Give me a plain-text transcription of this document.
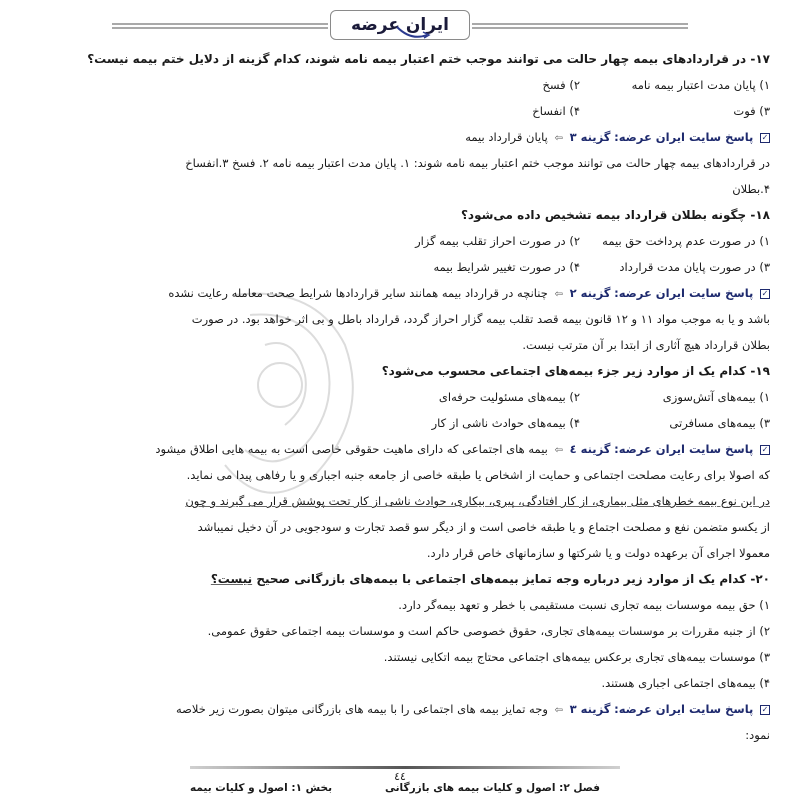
ایران عرضه
۱۷- در قراردادهای بیمه چهار حالت می توانند موجب ختم اعتبار بیمه نامه شوند، کدام گزینه از دلایل ختم بیمه نیست؟
۱) پایان مدت اعتبار بیمه نامه
۲) فسخ
۳) فوت
۴) انفساخ
✓ پاسخ سایت ایران عرضه: گزینه ۳ ⇦ پایان قرارداد بیمه
در قراردادهای بیمه چهار حالت می توانند موجب ختم اعتبار بیمه نامه شوند: ۱. پایان مدت اعتبار بیمه نامه ۲. فسخ ۳.انفساخ
۴.بطلان
۱۸- چگونه بطلان قرارداد بیمه تشخیص داده می‌شود؟
۱) در صورت عدم پرداخت حق بیمه
۲) در صورت احراز تقلب بیمه گزار
۳) در صورت پایان مدت قرارداد
۴) در صورت تغییر شرایط بیمه
✓ پاسخ سایت ایران عرضه: گزینه ۲ ⇦ چنانچه در قرارداد بیمه همانند سایر قراردادها شرایط صحت معامله رعایت نشده
باشد و یا به موجب مواد ۱۱ و ۱۲ قانون بیمه قصد تقلب بیمه گزار احراز گردد، قرارداد باطل و بی اثر خواهد بود. در صورت
بطلان قرارداد هیچ آثاری از ابتدا بر آن مترتب نیست.
۱۹- کدام یک از موارد زیر جزء بیمه‌های اجتماعی محسوب می‌شود؟
۱) بیمه‌های آتش‌سوزی
۲) بیمه‌های مسئولیت حرفه‌ای
۳) بیمه‌های مسافرتی
۴) بیمه‌های حوادث ناشی از کار
✓ پاسخ سایت ایران عرضه: گزینه ٤ ⇦ بیمه های اجتماعی که دارای ماهیت حقوقی خاصی است به بیمه هایی اطلاق میشود
که اصولا برای رعایت مصلحت اجتماعی و حمایت از اشخاص یا طبقه خاصی از جامعه جنبه اجباری و یا رفاهی پیدا می نماید.
در این نوع بیمه خطرهای مثل بیماری، از کار افتادگی، پیری، بیکاری، حوادث ناشی از کار تحت پوشش قرار می گیرند و چون
از یکسو متضمن نفع و مصلحت اجتماع و یا طبقه خاصی است و از دیگر سو قصد تجارت و سودجویی در آن دخیل نمیباشد
معمولا اجرای آن برعهده دولت و یا شرکتها و سازمانهای خاص قرار دارد.
۲۰- کدام یک از موارد زیر درباره وجه تمایز بیمه‌های اجتماعی با بیمه‌های بازرگانی صحیح نیست؟
۱) حق بیمه موسسات بیمه تجاری نسبت مستقیمی با خطر و تعهد بیمه‌گر دارد.
۲) از جنبه مقررات بر موسسات بیمه‌های تجاری، حقوق خصوصی حاکم است و موسسات بیمه اجتماعی حقوق عمومی.
۳) موسسات بیمه‌های تجاری برعکس بیمه‌های اجتماعی محتاج بیمه اتکایی نیستند.
۴) بیمه‌های اجتماعی اجباری هستند.
✓ پاسخ سایت ایران عرضه: گزینه ۳ ⇦ وجه تمایز بیمه های اجتماعی را با بیمه های بازرگانی میتوان بصورت زیر خلاصه
نمود:
٤٤
فصل ۲: اصول و کلیات بیمه های بازرگانی
بخش ۱: اصول و کلیات بیمه
